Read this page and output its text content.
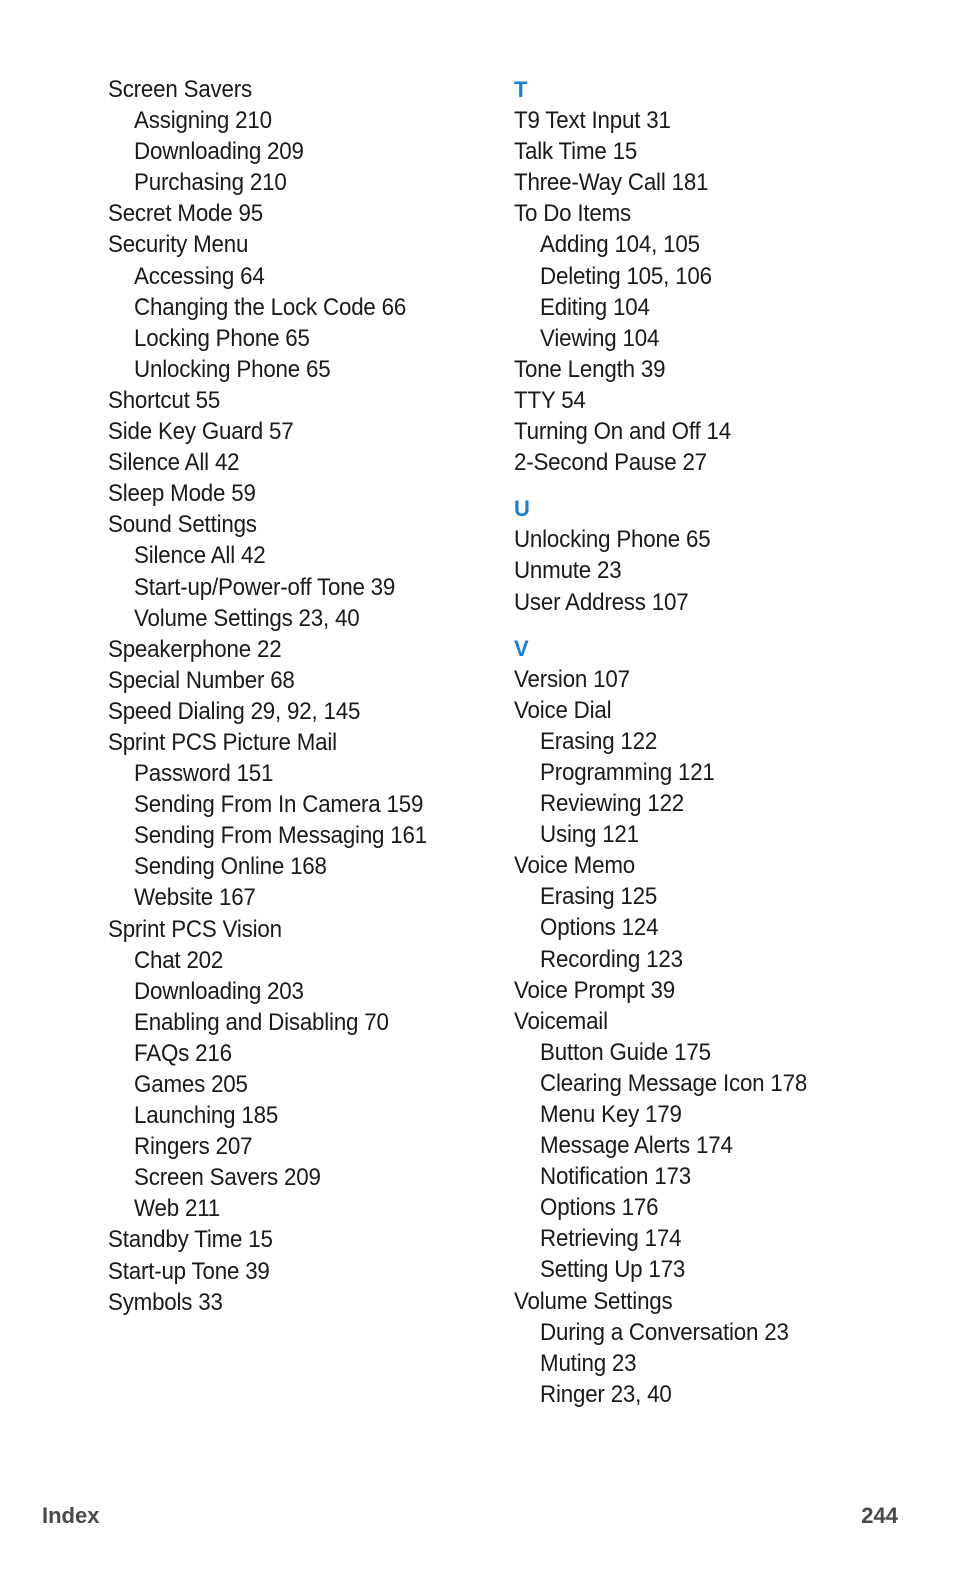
Screen Savers
Assigning 210
Downloading 209
Purchasing 210
Secret Mode 95
Security Menu
Accessing 64
Changing the Lock Code 66
Locking Phone 65
Unlocking Phone 65
Shortcut 55
Side Key Guard 57
Silence All 42
Sleep Mode 59
Sound Settings
Silence All 42
Start-up/Power-off Tone 39
Volume Settings 23, 40
Speakerphone 22
Special Number 68
Speed Dialing 29, 92, 145
Sprint PCS Picture Mail
Password 151
Sending From In Camera 159
Sending From Messaging 161
Sending Online 168
Website 167
Sprint PCS Vision
Chat 202
Downloading 203
Enabling and Disabling 70
FAQs 216
Games 205
Launching 185
Ringers 207
Screen Savers 209
Web 211
Standby Time 15
Start-up Tone 39
Symbols 33
T
T9 Text Input 31
Talk Time 15
Three-Way Call 181
To Do Items
Adding 104, 105
Deleting 105, 106
Editing 104
Viewing 104
Tone Length 39
TTY 54
Turning On and Off 14
2-Second Pause 27
U
Unlocking Phone 65
Unmute 23
User Address 107
V
Version 107
Voice Dial
Erasing 122
Programming 121
Reviewing 122
Using 121
Voice Memo
Erasing 125
Options 124
Recording 123
Voice Prompt 39
Voicemail
Button Guide 175
Clearing Message Icon 178
Menu Key 179
Message Alerts 174
Notification 173
Options 176
Retrieving 174
Setting Up 173
Volume Settings
During a Conversation 23
Muting 23
Ringer 23, 40
Index	244
